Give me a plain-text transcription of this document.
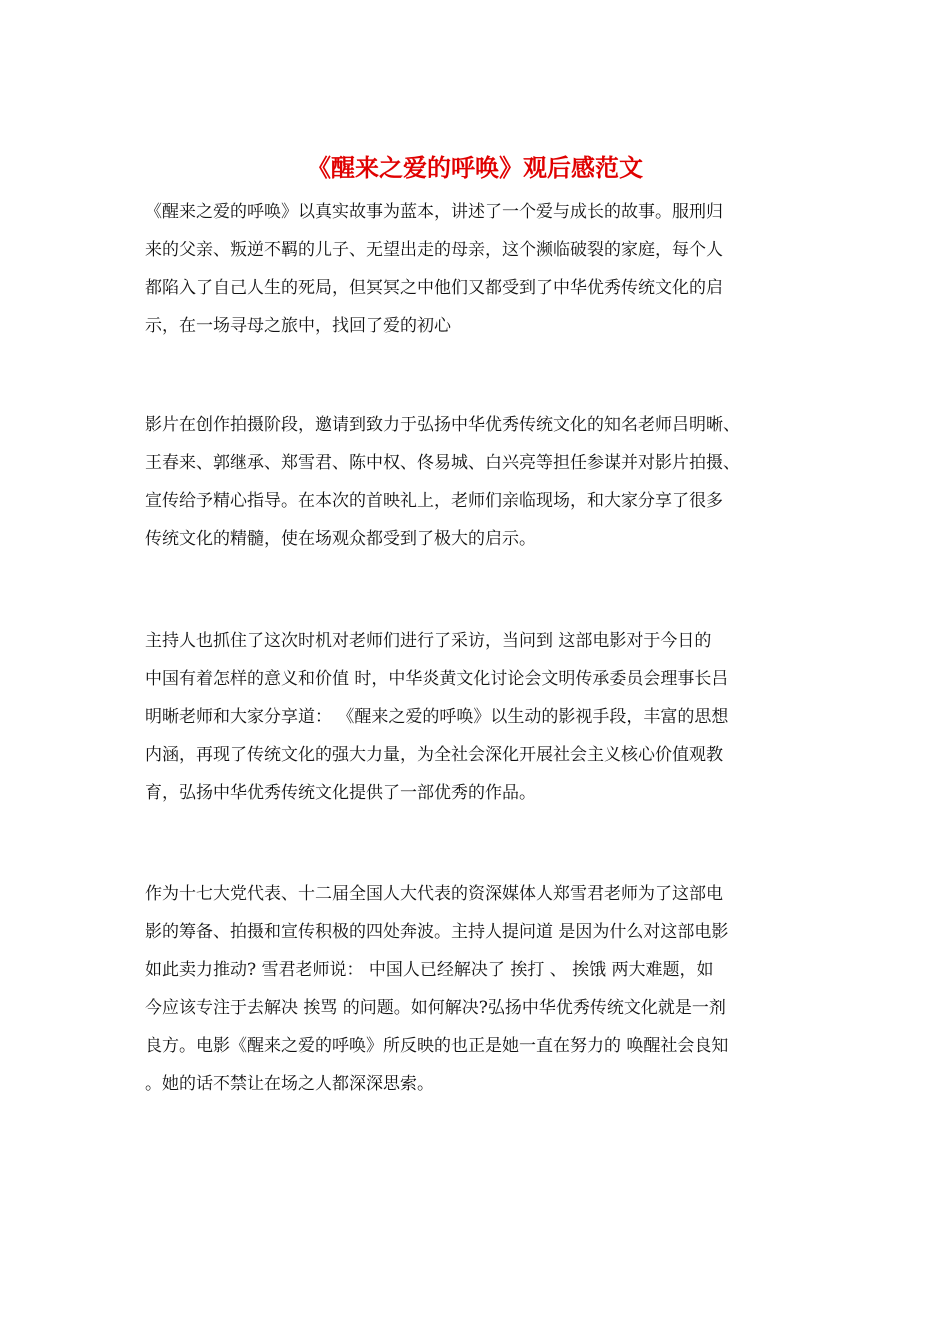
《醒来之爱的呼唤》观后感范文
《醒来之爱的呼唤》以真实故事为蓝本，讲述了一个爱与成长的故事。服刑归
来的父亲、叛逆不羁的儿子、无望出走的母亲，这个濒临破裂的家庭，每个人
都陷入了自己人生的死局，但冥冥之中他们又都受到了中华优秀传统文化的启
示，在一场寻母之旅中，找回了爱的初心
影片在创作拍摄阶段，邀请到致力于弘扬中华优秀传统文化的知名老师吕明晰、
王春来、郭继承、郑雪君、陈中权、佟易城、白兴亮等担任参谋并对影片拍摄、
宣传给予精心指导。在本次的首映礼上，老师们亲临现场，和大家分享了很多
传统文化的精髓，使在场观众都受到了极大的启示。
主持人也抓住了这次时机对老师们进行了采访，当问到 这部电影对于今日的
中国有着怎样的意义和价值 时，中华炎黄文化讨论会文明传承委员会理事长吕
明晰老师和大家分享道： 《醒来之爱的呼唤》以生动的影视手段，丰富的思想
内涵，再现了传统文化的强大力量，为全社会深化开展社会主义核心价值观教
育，弘扬中华优秀传统文化提供了一部优秀的作品。
作为十七大党代表、十二届全国人大代表的资深媒体人郑雪君老师为了这部电
影的筹备、拍摄和宣传积极的四处奔波。主持人提问道 是因为什么对这部电影
如此卖力推动? 雪君老师说： 中国人已经解决了 挨打 、 挨饿 两大难题，如
今应该专注于去解决 挨骂 的问题。如何解决?弘扬中华优秀传统文化就是一剂
良方。电影《醒来之爱的呼唤》所反映的也正是她一直在努力的 唤醒社会良知
。她的话不禁让在场之人都深深思索。
